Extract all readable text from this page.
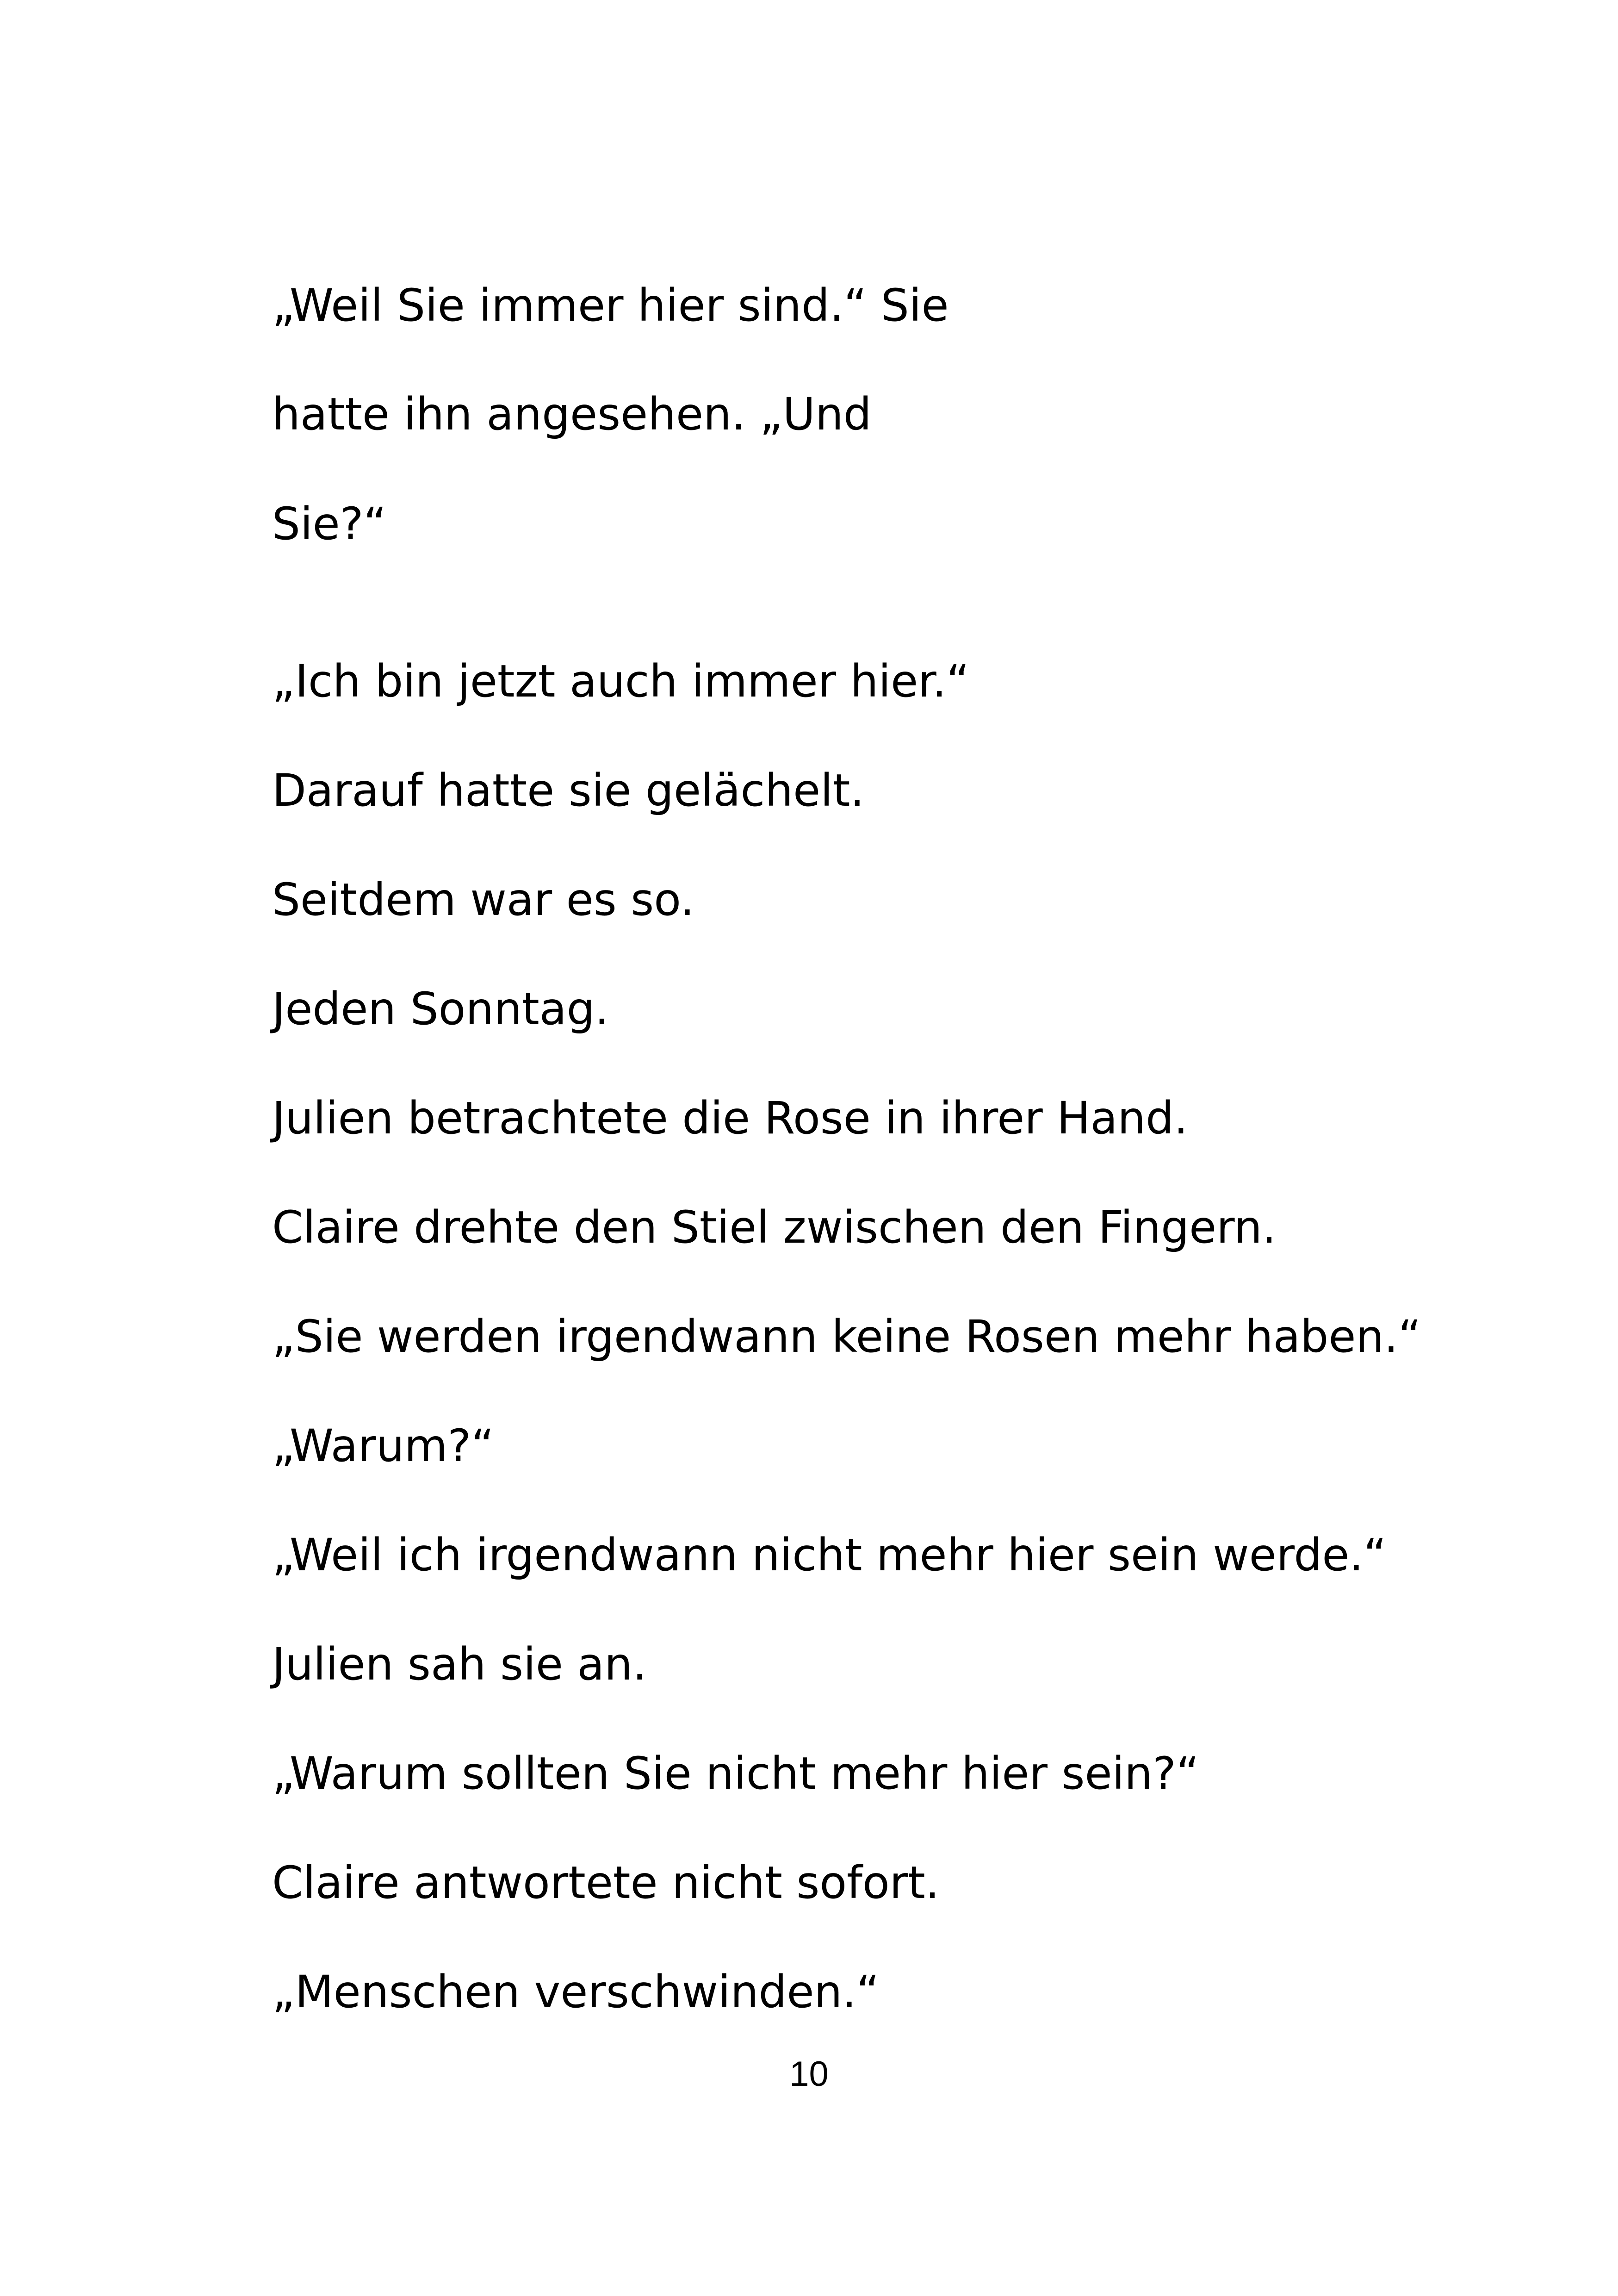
„Weil Sie immer hier sind.“ Sie
hatte ihn angesehen. „Und
Sie?“
„Ich bin jetzt auch immer hier.“
Darauf hatte sie gelächelt.
Seitdem war es so.
Jeden Sonntag.
Julien betrachtete die Rose in ihrer Hand.
Claire drehte den Stiel zwischen den Fingern.
„Sie werden irgendwann keine Rosen mehr haben.“
„Warum?“
„Weil ich irgendwann nicht mehr hier sein werde.“
Julien sah sie an.
„Warum sollten Sie nicht mehr hier sein?“
Claire antwortete nicht sofort.
„Menschen verschwinden.“
10
